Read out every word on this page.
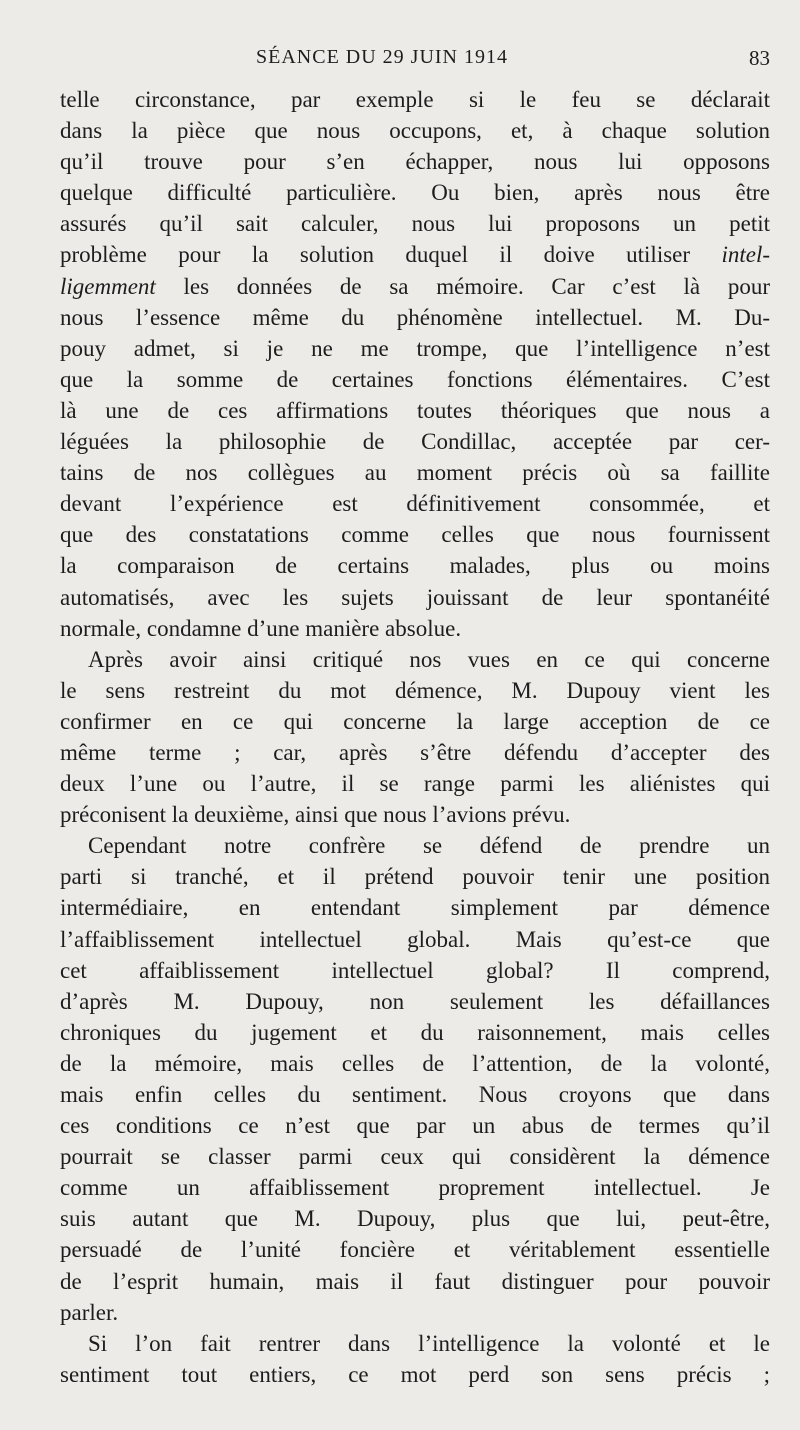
SÉANCE DU 29 JUIN 1914	83
telle circonstance, par exemple si le feu se déclarait
dans la pièce que nous occupons, et, à chaque solution
qu’il trouve pour s’en échapper, nous lui opposons
quelque difficulté particulière. Ou bien, après nous être
assurés qu’il sait calculer, nous lui proposons un petit
problème pour la solution duquel il doive utiliser intel-
ligemment les données de sa mémoire. Car c’est là pour
nous l’essence même du phénomène intellectuel. M. Du-
pouy admet, si je ne me trompe, que l’intelligence n’est
que la somme de certaines fonctions élémentaires. C’est
là une de ces affirmations toutes théoriques que nous a
léguées la philosophie de Condillac, acceptée par cer-
tains de nos collègues au moment précis où sa faillite
devant l’expérience est définitivement consommée, et
que des constatations comme celles que nous fournissent
la comparaison de certains malades, plus ou moins
automatisés, avec les sujets jouissant de leur spontanéité
normale, condamne d’une manière absolue.
Après avoir ainsi critiqué nos vues en ce qui concerne
le sens restreint du mot démence, M. Dupouy vient les
confirmer en ce qui concerne la large acception de ce
même terme ; car, après s’être défendu d’accepter des
deux l’une ou l’autre, il se range parmi les aliénistes qui
préconisent la deuxième, ainsi que nous l’avions prévu.
Cependant notre confrère se défend de prendre un
parti si tranché, et il prétend pouvoir tenir une position
intermédiaire, en entendant simplement par démence
l’affaiblissement intellectuel global. Mais qu’est-ce que
cet affaiblissement intellectuel global? Il comprend,
d’après M. Dupouy, non seulement les défaillances
chroniques du jugement et du raisonnement, mais celles
de la mémoire, mais celles de l’attention, de la volonté,
mais enfin celles du sentiment. Nous croyons que dans
ces conditions ce n’est que par un abus de termes qu’il
pourrait se classer parmi ceux qui considèrent la démence
comme un affaiblissement proprement intellectuel. Je
suis autant que M. Dupouy, plus que lui, peut-être,
persuadé de l’unité foncière et véritablement essentielle
de l’esprit humain, mais il faut distinguer pour pouvoir
parler.
Si l’on fait rentrer dans l’intelligence la volonté et le
sentiment tout entiers, ce mot perd son sens précis ;
